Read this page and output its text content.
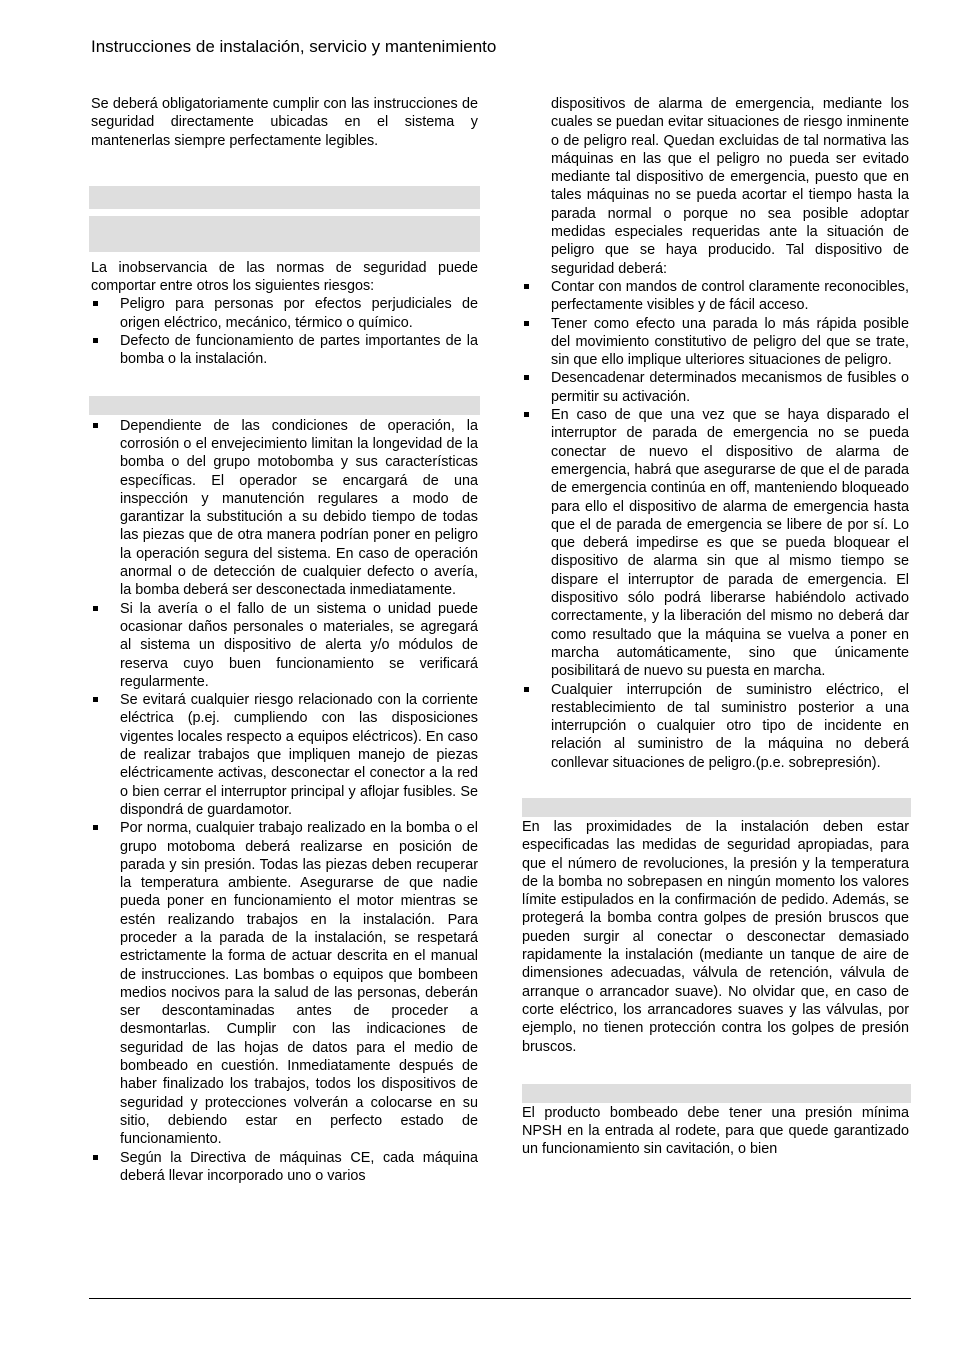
Instrucciones de instalación, servicio y mantenimiento

Se deberá obligatoriamente cumplir con las instrucciones de seguridad directamente ubicadas en el sistema y mantenerlas siempre perfectamente legibles.

La inobservancia de las normas de seguridad puede comportar entre otros los siguientes riesgos:

Peligro para personas por efectos perjudiciales de origen eléctrico, mecánico, térmico o químico.
Defecto de funcionamiento de partes importantes de la bomba o la instalación.
Dependiente de las condiciones de operación, la corrosión o el envejecimiento limitan la longevidad de la bomba o del grupo motobomba y sus características específicas. El operador se encargará de una inspección y manutención regulares a modo de garantizar la substitución a su debido tiempo de todas las piezas que de otra manera podrían poner en peligro la operación segura del sistema. En caso de operación anormal o de detección de cualquier defecto o avería, la bomba deberá ser desconectada inmediatamente.
Si la avería o el fallo de un sistema o unidad puede ocasionar daños personales o materiales, se agregará al sistema un dispositivo de alerta y/o módulos de reserva cuyo buen funcionamiento se verificará regularmente.
Se evitará cualquier riesgo relacionado con la corriente eléctrica (p.ej. cumpliendo con las disposiciones vigentes locales respecto a equipos eléctricos). En caso de realizar trabajos que impliquen manejo de piezas eléctricamente activas, desconectar el conector a la red o bien cerrar el interruptor principal y aflojar fusibles. Se dispondrá de guardamotor.
Por norma, cualquier trabajo realizado en la bomba o el grupo motoboma deberá realizarse en posición de parada y sin presión. Todas las piezas deben recuperar la temperatura ambiente. Asegurarse de que nadie pueda poner en funcionamiento el motor mientras se estén realizando trabajos en la instalación. Para proceder a la parada de la instalación, se respetará estrictamente la forma de actuar descrita en el manual de instrucciones. Las bombas o equipos que bombeen medios nocivos para la salud de las personas, deberán ser descontaminadas antes de proceder a desmontarlas. Cumplir con las indicaciones de seguridad de las hojas de datos para el medio de bombeado en cuestión. Inmediatamente después de haber finalizado los trabajos, todos los dispositivos de seguridad y protecciones volverán a colocarse en su sitio, debiendo estar en perfecto estado de funcionamiento.
Según la Directiva de máquinas CE, cada máquina deberá llevar incorporado uno o varios

dispositivos de alarma de emergencia, mediante los cuales se puedan evitar situaciones de riesgo inminente o de peligro real. Quedan excluidas de tal normativa las máquinas en las que el peligro no pueda ser evitado mediante tal dispositivo de emergencia, puesto que en tales máquinas no se pueda acortar el tiempo hasta la parada normal o porque no sea posible adoptar medidas especiales requeridas ante la situación de peligro que se haya producido. Tal dispositivo de seguridad deberá:

Contar con mandos de control claramente reconocibles, perfectamente visibles y de fácil acceso.
Tener como efecto una parada lo más rápida posible del movimiento constitutivo de peligro del que se trate, sin que ello implique ulteriores situaciones de peligro.
Desencadenar determinados mecanismos de fusibles o permitir su activación.
En caso de que una vez que se haya disparado el interruptor de parada de emergencia no se pueda conectar de nuevo el dispositivo de alarma de emergencia, habrá que asegurarse de que el de parada de emergencia continúa en off, manteniendo bloqueado para ello el dispositivo de alarma de emergencia hasta que el de parada de emergencia se libere de por sí. Lo que deberá impedirse es que se pueda bloquear el dispositivo de alarma sin que al mismo tiempo se dispare el interruptor de parada de emergencia. El dispositivo sólo podrá liberarse habiéndolo activado correctamente, y la liberación del mismo no deberá dar como resultado que la máquina se vuelva a poner en marcha automáticamente, sino que únicamente posibilitará de nuevo su puesta en marcha.
Cualquier interrupción de suministro eléctrico, el restablecimiento de tal suministro posterior a una interrupción o cualquier otro tipo de incidente en relación al suministro de la máquina no deberá conllevar situaciones de peligro.(p.e. sobrepresión).

En las proximidades de la instalación deben estar especificadas las medidas de seguridad apropiadas, para que el número de revoluciones, la presión y la temperatura de la bomba no sobrepasen en ningún momento los valores límite estipulados en la confirmación de pedido. Además, se protegerá la bomba contra golpes de presión bruscos que pueden surgir al conectar o desconectar demasiado rapidamente la instalación (mediante un tanque de aire de dimensiones adecuadas, válvula de retención, válvula de arranque o arrancador suave). No olvidar que, en caso de corte eléctrico, los arrancadores suaves y las válvulas, por ejemplo, no tienen protección contra los golpes de presión bruscos.

El producto bombeado debe tener una presión mínima NPSH en la entrada al rodete, para que quede garantizado un funcionamiento sin cavitación, o bien
